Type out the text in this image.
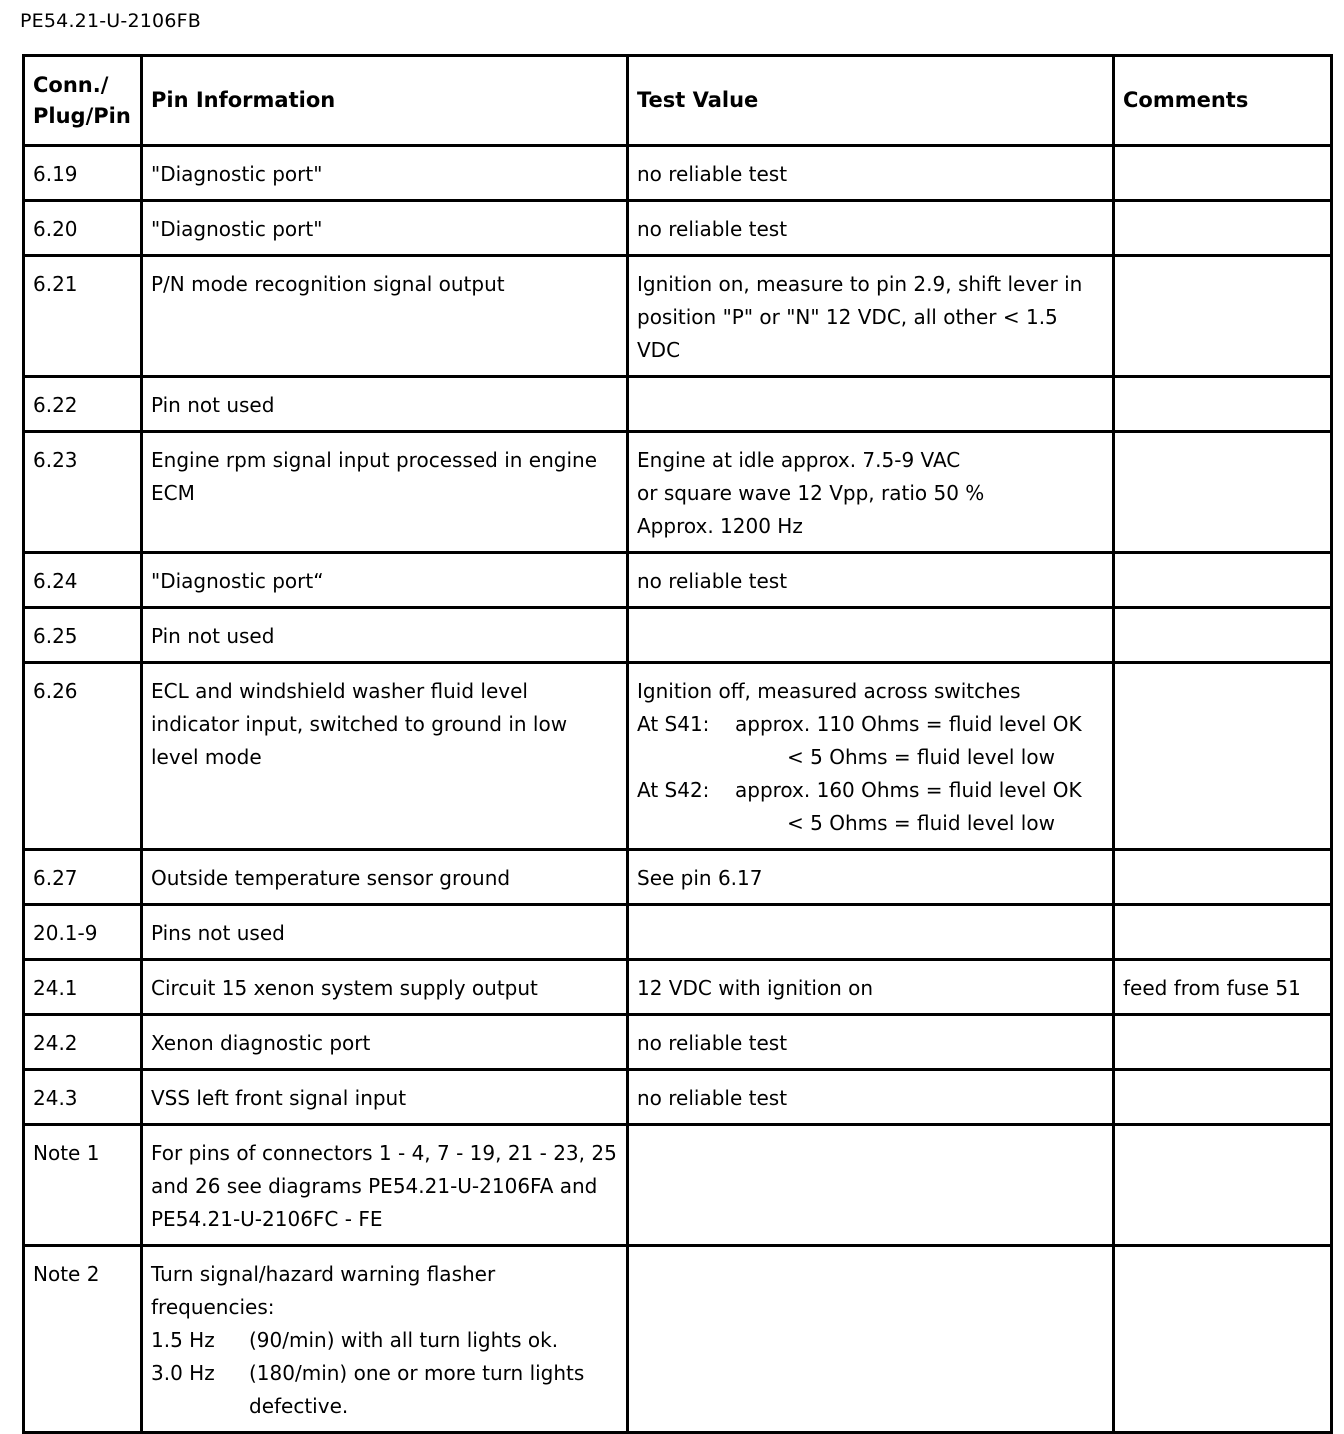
PE54.21-U-2106FB
Conn./ Plug/Pin	Pin Information	Test Value	Comments
6.19	"Diagnostic port"	no reliable test	
6.20	"Diagnostic port"	no reliable test	
6.21	P/N mode recognition signal output	Ignition on, measure to pin 2.9, shift lever in position "P" or "N" 12 VDC, all other < 1.5 VDC	
6.22	Pin not used		
6.23	Engine rpm signal input processed in engine ECM	Engine at idle approx. 7.5-9 VAC
or square wave 12 Vpp, ratio 50 %
Approx. 1200 Hz	

6.24	"Diagnostic port“	no reliable test	
6.25	Pin not used		
6.26	ECL and windshield washer fluid level indicator input, switched to ground in low level mode	Ignition off, measured across switches
At S41: approx. 110 Ohms = fluid level OK
< 5 Ohms = fluid level low
At S42: approx. 160 Ohms = fluid level OK
< 5 Ohms = fluid level low	

6.27	Outside temperature sensor ground	See pin 6.17	
20.1-9	Pins not used		
24.1	Circuit 15 xenon system supply output	12 VDC with ignition on	feed from fuse 51
24.2	Xenon diagnostic port	no reliable test	
24.3	VSS left front signal input	no reliable test	
Note 1	For pins of connectors 1 - 4, 7 - 19, 21 - 23, 25 and 26 see diagrams PE54.21-U-2106FA and PE54.21-U-2106FC - FE		
Note 2	Turn signal/hazard warning flasher frequencies:
1.5 Hz (90/min) with all turn lights ok.
3.0 Hz (180/min) one or more turn lights
defective.		
